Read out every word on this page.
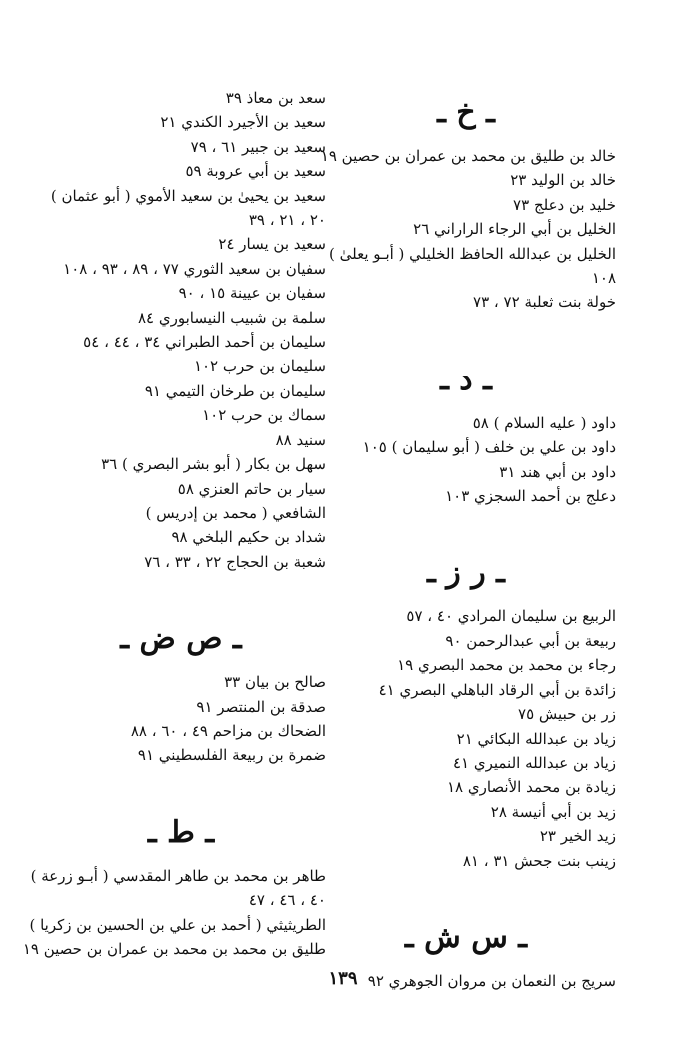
ـ خ ـ
خالد بن طليق بن محمد بن عمران بن حصين ١٩
خالد بن الوليد ٢٣
خليد بن دعلج ٧٣
الخليل بن أبي الرجاء الراراني ٢٦
الخليل بن عبدالله الحافظ الخليلي ( أبـو يعلىٰ )
١٠٨
خولة بنت ثعلبة ٧٢ ، ٧٣
ـ د ـ
داود ( عليه السلام ) ٥٨
داود بن علي بن خلف ( أبو سليمان ) ١٠٥
داود بن أبي هند ٣١
دعلج بن أحمد السجزي ١٠٣
ـ ر ز ـ
الربيع بن سليمان المرادي ٤٠ ، ٥٧
ربيعة بن أبي عبدالرحمن ٩٠
رجاء بن محمد بن محمد البصري ١٩
زائدة بن أبي الرقاد الباهلي البصري ٤١
زر بن حبيش ٧٥
زياد بن عبدالله البكائي ٢١
زياد بن عبدالله النميري ٤١
زيادة بن محمد الأنصاري ١٨
زيد بن أبي أنيسة ٢٨
زيد الخير ٢٣
زينب بنت جحش ٣١ ، ٨١
ـ س ش ـ
سريج بن النعمان بن مروان الجوهري ٩٢
سعد بن معاذ ٣٩
سعيد بن الأجيرد الكندي ٢١
سعيد بن جبير ٦١ ، ٧٩
سعيد بن أبي عروبة ٥٩
سعيد بن يحيىٰ بن سعيد الأموي ( أبو عثمان )
٢٠ ، ٢١ ، ٣٩
سعيد بن يسار ٢٤
سفيان بن سعيد الثوري ٧٧ ، ٨٩ ، ٩٣ ، ١٠٨
سفيان بن عيينة ١٥ ، ٩٠
سلمة بن شبيب النيسابوري ٨٤
سليمان بن أحمد الطبراني ٣٤ ، ٤٤ ، ٥٤
سليمان بن حرب ١٠٢
سليمان بن طرخان التيمي ٩١
سماك بن حرب ١٠٢
سنيد ٨٨
سهل بن بكار ( أبو بشر البصري ) ٣٦
سيار بن حاتم العنزي ٥٨
الشافعي ( محمد بن إدريس )
شداد بن حكيم البلخي ٩٨
شعبة بن الحجاج ٢٢ ، ٣٣ ، ٧٦
ـ ص ض ـ
صالح بن بيان ٣٣
صدقة بن المنتصر ٩١
الضحاك بن مزاحم ٤٩ ، ٦٠ ، ٨٨
ضمرة بن ربيعة الفلسطيني ٩١
ـ ط ـ
طاهر بن محمد بن طاهر المقدسي ( أبـو زرعة )
٤٠ ، ٤٦ ، ٤٧
الطريثيثي ( أحمد بن علي بن الحسين بن زكريا )
طليق بن محمد بن محمد بن عمران بن حصين ١٩
١٣٩
